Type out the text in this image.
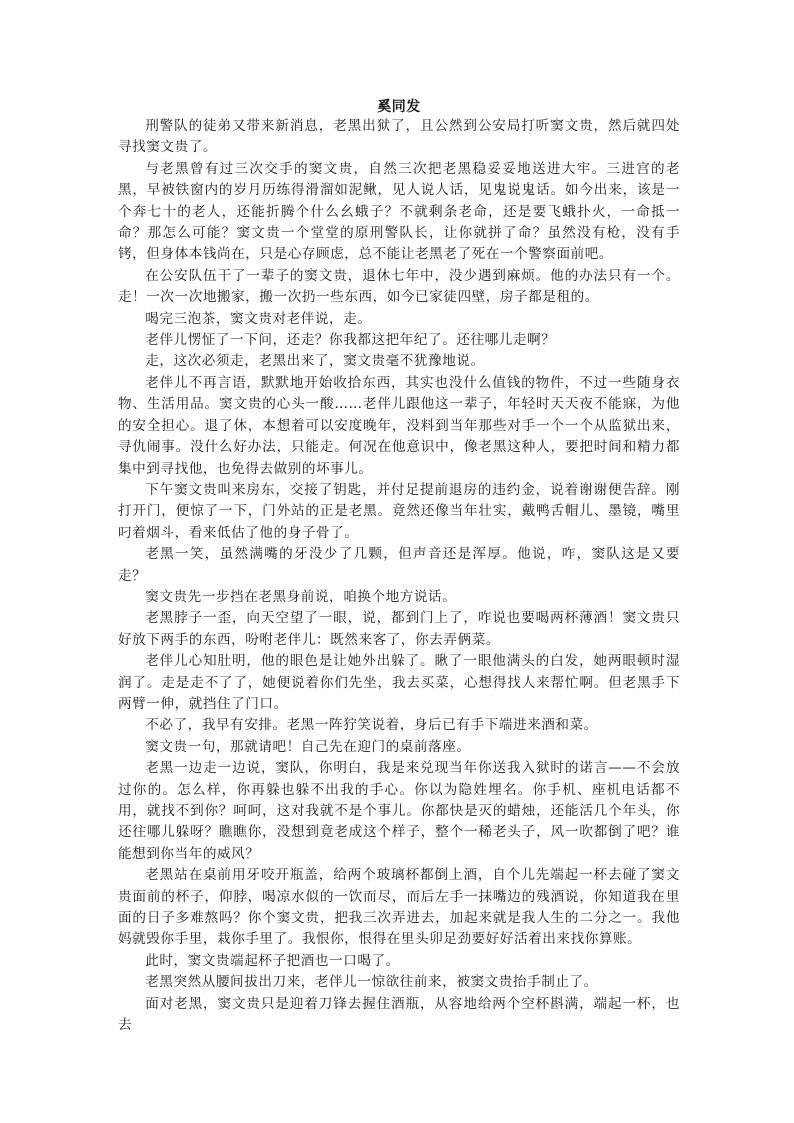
奚同发

刑警队的徒弟又带来新消息，老黑出狱了，且公然到公安局打听窦文贵，然后就四处寻找窦文贵了。

与老黑曾有过三次交手的窦文贵，自然三次把老黑稳妥妥地送进大牢。三进宫的老黑，早被铁窗内的岁月历练得滑溜如泥鳅，见人说人话，见鬼说鬼话。如今出来，该是一个奔七十的老人，还能折腾个什么幺蛾子？不就剩条老命，还是要飞蛾扑火，一命抵一命？那怎么可能？窦文贵一个堂堂的原刑警队长，让你就拼了命？虽然没有枪，没有手铐，但身体本钱尚在，只是心存顾虑，总不能让老黑老了死在一个警察面前吧。

在公安队伍干了一辈子的窦文贵，退休七年中，没少遇到麻烦。他的办法只有一个。走！一次一次地搬家，搬一次扔一些东西，如今已家徒四壁，房子都是租的。

喝完三泡茶，窦文贵对老伴说，走。

老伴儿愣怔了一下问，还走？你我都这把年纪了。还往哪儿走啊？

走，这次必须走，老黑出来了，窦文贵毫不犹豫地说。

老伴儿不再言语，默默地开始收拾东西，其实也没什么值钱的物件，不过一些随身衣物、生活用品。窦文贵的心头一酸……老伴儿跟他这一辈子，年轻时天天夜不能寐，为他的安全担心。退了休，本想着可以安度晚年，没料到当年那些对手一个一个从监狱出来，寻仇闹事。没什么好办法，只能走。何况在他意识中，像老黑这种人，要把时间和精力都集中到寻找他，也免得去做别的坏事儿。

下午窦文贵叫来房东，交接了钥匙，并付足提前退房的违约金，说着谢谢便告辞。刚打开门，便惊了一下，门外站的正是老黑。竟然还像当年壮实，戴鸭舌帽儿、墨镜，嘴里叼着烟斗，看来低估了他的身子骨了。

老黑一笑，虽然满嘴的牙没少了几颗，但声音还是浑厚。他说，咋，窦队这是又要走？

窦文贵先一步挡在老黑身前说，咱换个地方说话。

老黑脖子一歪，向天空望了一眼，说，都到门上了，咋说也要喝两杯薄酒！窦文贵只好放下两手的东西，吩咐老伴儿：既然来客了，你去弄俩菜。

老伴儿心知肚明，他的眼色是让她外出躲了。瞅了一眼他满头的白发，她两眼顿时湿润了。走是走不了了，她便说着你们先坐，我去买菜，心想得找人来帮忙啊。但老黑手下两臂一伸，就挡住了门口。

不必了，我早有安排。老黑一阵狞笑说着，身后已有手下端进来酒和菜。

窦文贵一句，那就请吧！自己先在迎门的桌前落座。

老黑一边走一边说，窦队，你明白，我是来兑现当年你送我入狱时的诺言——不会放过你的。怎么样，你再躲也躲不出我的手心。你以为隐姓埋名。你手机、座机电话都不用，就找不到你？呵呵，这对我就不是个事儿。你都快是灭的蜡烛，还能活几个年头，你还往哪儿躲呀？瞧瞧你，没想到竟老成这个样子，整个一稀老头子，风一吹都倒了吧？谁能想到你当年的威风？

老黑站在桌前用牙咬开瓶盖，给两个玻璃杯都倒上酒，自个儿先端起一杯去碰了窦文贵面前的杯子，仰脖，喝凉水似的一饮而尽，而后左手一抹嘴边的残酒说，你知道我在里面的日子多难熬吗？你个窦文贵，把我三次弄进去，加起来就是我人生的二分之一。我他妈就毁你手里，栽你手里了。我恨你，恨得在里头卯足劲要好好活着出来找你算账。

此时，窦文贵端起杯子把酒也一口喝了。

老黑突然从腰间拔出刀来，老伴儿一惊欲往前来，被窦文贵抬手制止了。

面对老黑，窦文贵只是迎着刀锋去握住酒瓶，从容地给两个空杯斟满，端起一杯，也去
